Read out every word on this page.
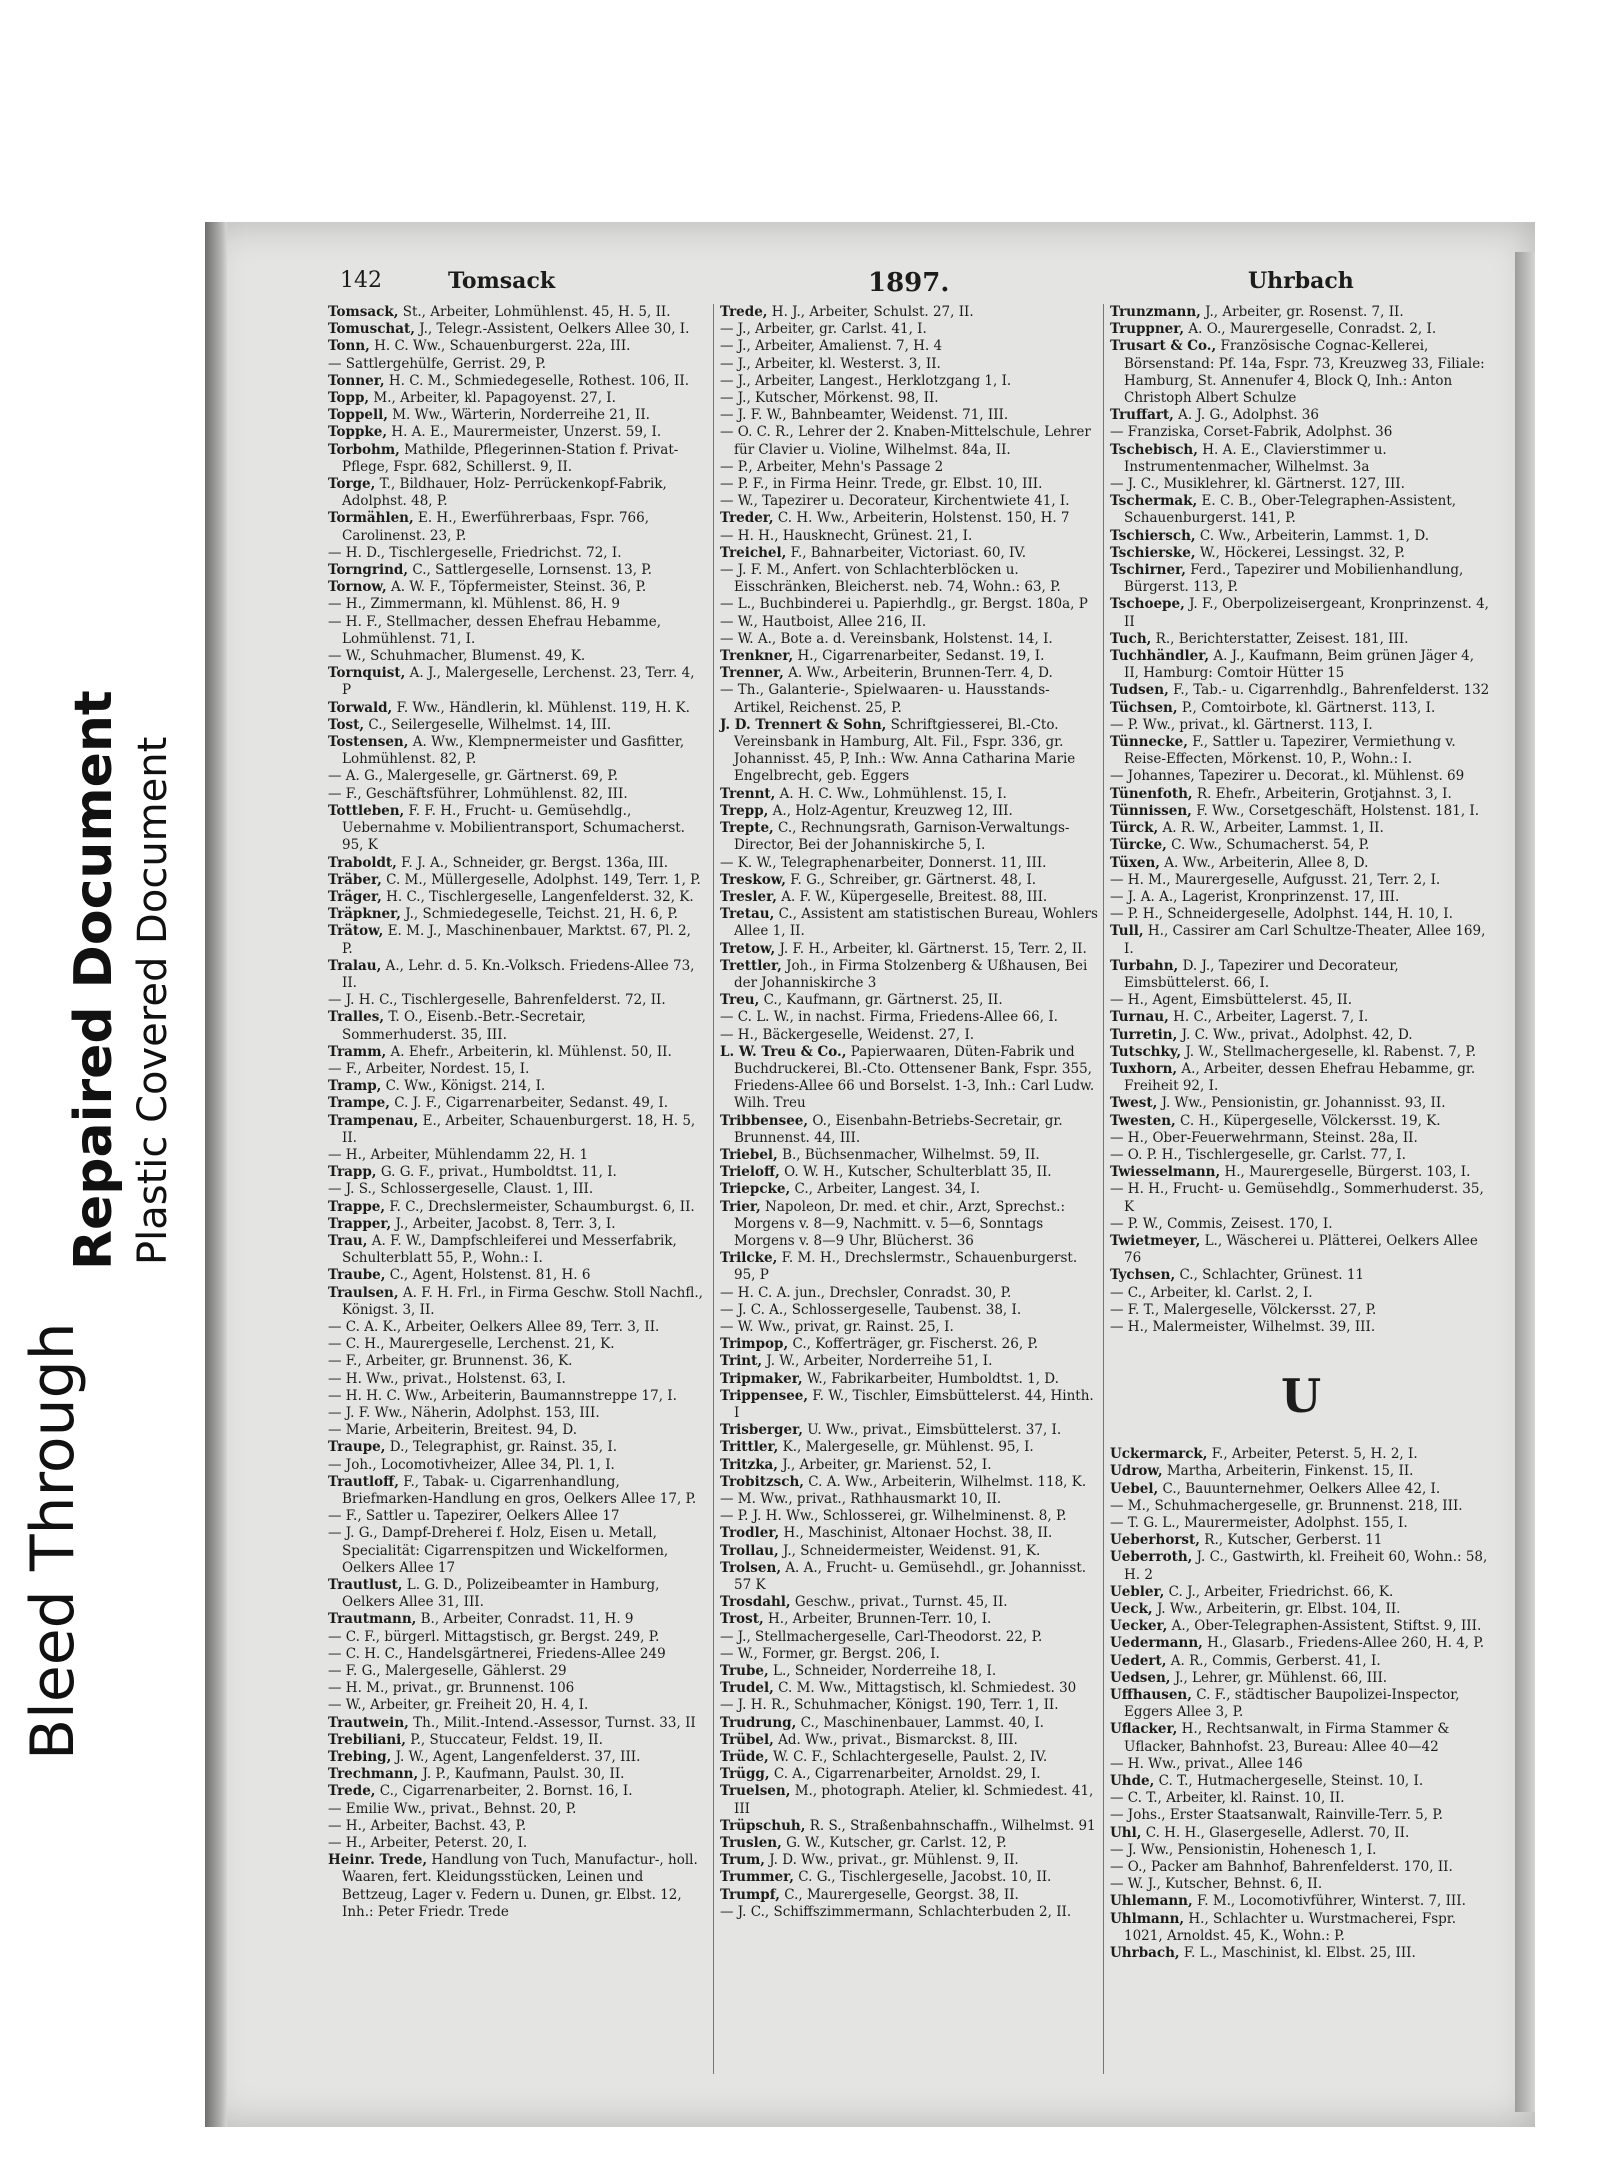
Bleed Through
Repaired Document Plastic Covered Document
142	Tomsack	1897.	Uhrbach

Tomsack, St., Arbeiter, Lohmühlenst. 45, H. 5, II.

Tomuschat, J., Telegr.-Assistent, Oelkers Allee 30, I.

Tonn, H. C. Ww., Schauenburgerst. 22a, III.

— Sattlergehülfe, Gerrist. 29, P.

Tonner, H. C. M., Schmiedegeselle, Rothest. 106, II.

Topp, M., Arbeiter, kl. Papagoyenst. 27, I.

Toppell, M. Ww., Wärterin, Norderreihe 21, II.

Toppke, H. A. E., Maurermeister, Unzerst. 59, I.

Torbohm, Mathilde, Pflegerinnen-Station f. Privat-Pflege, Fspr. 682, Schillerst. 9, II.

Torge, T., Bildhauer, Holz- Perrückenkopf-Fabrik, Adolphst. 48, P.

Tormählen, E. H., Ewerführerbaas, Fspr. 766, Carolinenst. 23, P.

— H. D., Tischlergeselle, Friedrichst. 72, I.

Torngrind, C., Sattlergeselle, Lornsenst. 13, P.

Tornow, A. W. F., Töpfermeister, Steinst. 36, P.

— H., Zimmermann, kl. Mühlenst. 86, H. 9

— H. F., Stellmacher, dessen Ehefrau Hebamme, Lohmühlenst. 71, I.

— W., Schuhmacher, Blumenst. 49, K.

Tornquist, A. J., Malergeselle, Lerchenst. 23, Terr. 4, P

Torwald, F. Ww., Händlerin, kl. Mühlenst. 119, H. K.

Tost, C., Seilergeselle, Wilhelmst. 14, III.

Tostensen, A. Ww., Klempnermeister und Gasfitter, Lohmühlenst. 82, P.

— A. G., Malergeselle, gr. Gärtnerst. 69, P.

— F., Geschäftsführer, Lohmühlenst. 82, III.

Tottleben, F. F. H., Frucht- u. Gemüsehdlg., Uebernahme v. Mobilientransport, Schumacherst. 95, K

Traboldt, F. J. A., Schneider, gr. Bergst. 136a, III.

Träber, C. M., Müllergeselle, Adolphst. 149, Terr. 1, P.

Träger, H. C., Tischlergeselle, Langenfelderst. 32, K.

Träpkner, J., Schmiedegeselle, Teichst. 21, H. 6, P.

Trätow, E. M. J., Maschinenbauer, Marktst. 67, Pl. 2, P.

Tralau, A., Lehr. d. 5. Kn.-Volksch. Friedens-Allee 73, II.

— J. H. C., Tischlergeselle, Bahrenfelderst. 72, II.

Tralles, T. O., Eisenb.-Betr.-Secretair, Sommerhuderst. 35, III.

Tramm, A. Ehefr., Arbeiterin, kl. Mühlenst. 50, II.

— F., Arbeiter, Nordest. 15, I.

Tramp, C. Ww., Königst. 214, I.

Trampe, C. J. F., Cigarrenarbeiter, Sedanst. 49, I.

Trampenau, E., Arbeiter, Schauenburgerst. 18, H. 5, II.

— H., Arbeiter, Mühlendamm 22, H. 1

Trapp, G. G. F., privat., Humboldtst. 11, I.

— J. S., Schlossergeselle, Claust. 1, III.

Trappe, F. C., Drechslermeister, Schaumburgst. 6, II.

Trapper, J., Arbeiter, Jacobst. 8, Terr. 3, I.

Trau, A. F. W., Dampfschleiferei und Messerfabrik, Schulterblatt 55, P., Wohn.: I.

Traube, C., Agent, Holstenst. 81, H. 6

Traulsen, A. F. H. Frl., in Firma Geschw. Stoll Nachfl., Königst. 3, II.

— C. A. K., Arbeiter, Oelkers Allee 89, Terr. 3, II.

— C. H., Maurergeselle, Lerchenst. 21, K.

— F., Arbeiter, gr. Brunnenst. 36, K.

— H. Ww., privat., Holstenst. 63, I.

— H. H. C. Ww., Arbeiterin, Baumannstreppe 17, I.

— J. F. Ww., Näherin, Adolphst. 153, III.

— Marie, Arbeiterin, Breitest. 94, D.

Traupe, D., Telegraphist, gr. Rainst. 35, I.

— Joh., Locomotivheizer, Allee 34, Pl. 1, I.

Trautloff, F., Tabak- u. Cigarrenhandlung, Briefmarken-Handlung en gros, Oelkers Allee 17, P.

— F., Sattler u. Tapezirer, Oelkers Allee 17

— J. G., Dampf-Dreherei f. Holz, Eisen u. Metall, Specialität: Cigarrenspitzen und Wickelformen, Oelkers Allee 17

Trautlust, L. G. D., Polizeibeamter in Hamburg, Oelkers Allee 31, III.

Trautmann, B., Arbeiter, Conradst. 11, H. 9

— C. F., bürgerl. Mittagstisch, gr. Bergst. 249, P.

— C. H. C., Handelsgärtnerei, Friedens-Allee 249

— F. G., Malergeselle, Gählerst. 29

— H. M., privat., gr. Brunnenst. 106

— W., Arbeiter, gr. Freiheit 20, H. 4, I.

Trautwein, Th., Milit.-Intend.-Assessor, Turnst. 33, II

Trebiliani, P., Stuccateur, Feldst. 19, II.

Trebing, J. W., Agent, Langenfelderst. 37, III.

Trechmann, J. P., Kaufmann, Paulst. 30, II.

Trede, C., Cigarrenarbeiter, 2. Bornst. 16, I.

— Emilie Ww., privat., Behnst. 20, P.

— H., Arbeiter, Bachst. 43, P.

— H., Arbeiter, Peterst. 20, I.

Heinr. Trede, Handlung von Tuch, Manufactur-, holl. Waaren, fert. Kleidungsstücken, Leinen und Bettzeug, Lager v. Federn u. Dunen, gr. Elbst. 12, Inh.: Peter Friedr. Trede

Trede, H. J., Arbeiter, Schulst. 27, II.

— J., Arbeiter, gr. Carlst. 41, I.

— J., Arbeiter, Amalienst. 7, H. 4

— J., Arbeiter, kl. Westerst. 3, II.

— J., Arbeiter, Langest., Herklotzgang 1, I.

— J., Kutscher, Mörkenst. 98, II.

— J. F. W., Bahnbeamter, Weidenst. 71, III.

— O. C. R., Lehrer der 2. Knaben-Mittelschule, Lehrer für Clavier u. Violine, Wilhelmst. 84a, II.

— P., Arbeiter, Mehn's Passage 2

— P. F., in Firma Heinr. Trede, gr. Elbst. 10, III.

— W., Tapezirer u. Decorateur, Kirchentwiete 41, I.

Treder, C. H. Ww., Arbeiterin, Holstenst. 150, H. 7

— H. H., Hausknecht, Grünest. 21, I.

Treichel, F., Bahnarbeiter, Victoriast. 60, IV.

— J. F. M., Anfert. von Schlachterblöcken u. Eisschränken, Bleicherst. neb. 74, Wohn.: 63, P.

— L., Buchbinderei u. Papierhdlg., gr. Bergst. 180a, P

— W., Hautboist, Allee 216, II.

— W. A., Bote a. d. Vereinsbank, Holstenst. 14, I.

Trenkner, H., Cigarrenarbeiter, Sedanst. 19, I.

Trenner, A. Ww., Arbeiterin, Brunnen-Terr. 4, D.

— Th., Galanterie-, Spielwaaren- u. Hausstands-Artikel, Reichenst. 25, P.

J. D. Trennert & Sohn, Schriftgiesserei, Bl.-Cto. Vereinsbank in Hamburg, Alt. Fil., Fspr. 336, gr. Johannisst. 45, P, Inh.: Ww. Anna Catharina Marie Engelbrecht, geb. Eggers

Trennt, A. H. C. Ww., Lohmühlenst. 15, I.

Trepp, A., Holz-Agentur, Kreuzweg 12, III.

Trepte, C., Rechnungsrath, Garnison-Verwaltungs-Director, Bei der Johanniskirche 5, I.

— K. W., Telegraphenarbeiter, Donnerst. 11, III.

Treskow, F. G., Schreiber, gr. Gärtnerst. 48, I.

Tresler, A. F. W., Küpergeselle, Breitest. 88, III.

Tretau, C., Assistent am statistischen Bureau, Wohlers Allee 1, II.

Tretow, J. F. H., Arbeiter, kl. Gärtnerst. 15, Terr. 2, II.

Trettler, Joh., in Firma Stolzenberg & Ußhausen, Bei der Johanniskirche 3

Treu, C., Kaufmann, gr. Gärtnerst. 25, II.

— C. L. W., in nachst. Firma, Friedens-Allee 66, I.

— H., Bäckergeselle, Weidenst. 27, I.

L. W. Treu & Co., Papierwaaren, Düten-Fabrik und Buchdruckerei, Bl.-Cto. Ottensener Bank, Fspr. 355, Friedens-Allee 66 und Borselst. 1-3, Inh.: Carl Ludw. Wilh. Treu

Tribbensee, O., Eisenbahn-Betriebs-Secretair, gr. Brunnenst. 44, III.

Triebel, B., Büchsenmacher, Wilhelmst. 59, II.

Trieloff, O. W. H., Kutscher, Schulterblatt 35, II.

Triepcke, C., Arbeiter, Langest. 34, I.

Trier, Napoleon, Dr. med. et chir., Arzt, Sprechst.: Morgens v. 8—9, Nachmitt. v. 5—6, Sonntags Morgens v. 8—9 Uhr, Blücherst. 36

Trilcke, F. M. H., Drechslermstr., Schauenburgerst. 95, P

— H. C. A. jun., Drechsler, Conradst. 30, P.

— J. C. A., Schlossergeselle, Taubenst. 38, I.

— W. Ww., privat, gr. Rainst. 25, I.

Trimpop, C., Kofferträger, gr. Fischerst. 26, P.

Trint, J. W., Arbeiter, Norderreihe 51, I.

Tripmaker, W., Fabrikarbeiter, Humboldtst. 1, D.

Trippensee, F. W., Tischler, Eimsbüttelerst. 44, Hinth. I

Trisberger, U. Ww., privat., Eimsbüttelerst. 37, I.

Trittler, K., Malergeselle, gr. Mühlenst. 95, I.

Tritzka, J., Arbeiter, gr. Marienst. 52, I.

Trobitzsch, C. A. Ww., Arbeiterin, Wilhelmst. 118, K.

— M. Ww., privat., Rathhausmarkt 10, II.

— P. J. H. Ww., Schlosserei, gr. Wilhelminenst. 8, P.

Trodler, H., Maschinist, Altonaer Hochst. 38, II.

Trollau, J., Schneidermeister, Weidenst. 91, K.

Trolsen, A. A., Frucht- u. Gemüsehdl., gr. Johannisst. 57 K

Trosdahl, Geschw., privat., Turnst. 45, II.

Trost, H., Arbeiter, Brunnen-Terr. 10, I.

— J., Stellmachergeselle, Carl-Theodorst. 22, P.

— W., Former, gr. Bergst. 206, I.

Trube, L., Schneider, Norderreihe 18, I.

Trudel, C. M. Ww., Mittagstisch, kl. Schmiedest. 30

— J. H. R., Schuhmacher, Königst. 190, Terr. 1, II.

Trudrung, C., Maschinenbauer, Lammst. 40, I.

Trübel, Ad. Ww., privat., Bismarckst. 8, III.

Trüde, W. C. F., Schlachtergeselle, Paulst. 2, IV.

Trügg, C. A., Cigarrenarbeiter, Arnoldst. 29, I.

Truelsen, M., photograph. Atelier, kl. Schmiedest. 41, III

Trüpschuh, R. S., Straßenbahnschaffn., Wilhelmst. 91

Truslen, G. W., Kutscher, gr. Carlst. 12, P.

Trum, J. D. Ww., privat., gr. Mühlenst. 9, II.

Trummer, C. G., Tischlergeselle, Jacobst. 10, II.

Trumpf, C., Maurergeselle, Georgst. 38, II.

— J. C., Schiffszimmermann, Schlachterbuden 2, II.

Trunzmann, J., Arbeiter, gr. Rosenst. 7, II.

Truppner, A. O., Maurergeselle, Conradst. 2, I.

Trusart & Co., Französische Cognac-Kellerei, Börsenstand: Pf. 14a, Fspr. 73, Kreuzweg 33, Filiale: Hamburg, St. Annenufer 4, Block Q, Inh.: Anton Christoph Albert Schulze

Truffart, A. J. G., Adolphst. 36

— Franziska, Corset-Fabrik, Adolphst. 36

Tschebisch, H. A. E., Clavierstimmer u. Instrumentenmacher, Wilhelmst. 3a

— J. C., Musiklehrer, kl. Gärtnerst. 127, III.

Tschermak, E. C. B., Ober-Telegraphen-Assistent, Schauenburgerst. 141, P.

Tschiersch, C. Ww., Arbeiterin, Lammst. 1, D.

Tschierske, W., Höckerei, Lessingst. 32, P.

Tschirner, Ferd., Tapezirer und Mobilienhandlung, Bürgerst. 113, P.

Tschoepe, J. F., Oberpolizeisergeant, Kronprinzenst. 4, II

Tuch, R., Berichterstatter, Zeisest. 181, III.

Tuchhändler, A. J., Kaufmann, Beim grünen Jäger 4, II, Hamburg: Comtoir Hütter 15

Tudsen, F., Tab.- u. Cigarrenhdlg., Bahrenfelderst. 132

Tüchsen, P., Comtoirbote, kl. Gärtnerst. 113, I.

— P. Ww., privat., kl. Gärtnerst. 113, I.

Tünnecke, F., Sattler u. Tapezirer, Vermiethung v. Reise-Effecten, Mörkenst. 10, P., Wohn.: I.

— Johannes, Tapezirer u. Decorat., kl. Mühlenst. 69

Tünenfoth, R. Ehefr., Arbeiterin, Grotjahnst. 3, I.

Tünnissen, F. Ww., Corsetgeschäft, Holstenst. 181, I.

Türck, A. R. W., Arbeiter, Lammst. 1, II.

Türcke, C. Ww., Schumacherst. 54, P.

Tüxen, A. Ww., Arbeiterin, Allee 8, D.

— H. M., Maurergeselle, Aufgusst. 21, Terr. 2, I.

— J. A. A., Lagerist, Kronprinzenst. 17, III.

— P. H., Schneidergeselle, Adolphst. 144, H. 10, I.

Tull, H., Cassirer am Carl Schultze-Theater, Allee 169, I.

Turbahn, D. J., Tapezirer und Decorateur, Eimsbüttelerst. 66, I.

— H., Agent, Eimsbüttelerst. 45, II.

Turnau, H. C., Arbeiter, Lagerst. 7, I.

Turretin, J. C. Ww., privat., Adolphst. 42, D.

Tutschky, J. W., Stellmachergeselle, kl. Rabenst. 7, P.

Tuxhorn, A., Arbeiter, dessen Ehefrau Hebamme, gr. Freiheit 92, I.

Twest, J. Ww., Pensionistin, gr. Johannisst. 93, II.

Twesten, C. H., Küpergeselle, Völckersst. 19, K.

— H., Ober-Feuerwehrmann, Steinst. 28a, II.

— O. P. H., Tischlergeselle, gr. Carlst. 77, I.

Twiesselmann, H., Maurergeselle, Bürgerst. 103, I.

— H. H., Frucht- u. Gemüsehdlg., Sommerhuderst. 35, K

— P. W., Commis, Zeisest. 170, I.

Twietmeyer, L., Wäscherei u. Plätterei, Oelkers Allee 76

Tychsen, C., Schlachter, Grünest. 11

— C., Arbeiter, kl. Carlst. 2, I.

— F. T., Malergeselle, Völckersst. 27, P.

— H., Malermeister, Wilhelmst. 39, III.

U

Uckermarck, F., Arbeiter, Peterst. 5, H. 2, I.

Udrow, Martha, Arbeiterin, Finkenst. 15, II.

Uebel, C., Bauunternehmer, Oelkers Allee 42, I.

— M., Schuhmachergeselle, gr. Brunnenst. 218, III.

— T. G. L., Maurermeister, Adolphst. 155, I.

Ueberhorst, R., Kutscher, Gerberst. 11

Ueberroth, J. C., Gastwirth, kl. Freiheit 60, Wohn.: 58, H. 2

Uebler, C. J., Arbeiter, Friedrichst. 66, K.

Ueck, J. Ww., Arbeiterin, gr. Elbst. 104, II.

Uecker, A., Ober-Telegraphen-Assistent, Stiftst. 9, III.

Uedermann, H., Glasarb., Friedens-Allee 260, H. 4, P.

Uedert, A. R., Commis, Gerberst. 41, I.

Uedsen, J., Lehrer, gr. Mühlenst. 66, III.

Uffhausen, C. F., städtischer Baupolizei-Inspector, Eggers Allee 3, P.

Uflacker, H., Rechtsanwalt, in Firma Stammer & Uflacker, Bahnhofst. 23, Bureau: Allee 40—42

— H. Ww., privat., Allee 146

Uhde, C. T., Hutmachergeselle, Steinst. 10, I.

— C. T., Arbeiter, kl. Rainst. 10, II.

— Johs., Erster Staatsanwalt, Rainville-Terr. 5, P.

Uhl, C. H. H., Glasergeselle, Adlerst. 70, II.

— J. Ww., Pensionistin, Hohenesch 1, I.

— O., Packer am Bahnhof, Bahrenfelderst. 170, II.

— W. J., Kutscher, Behnst. 6, II.

Uhlemann, F. M., Locomotivführer, Winterst. 7, III.

Uhlmann, H., Schlachter u. Wurstmacherei, Fspr. 1021, Arnoldst. 45, K., Wohn.: P.

Uhrbach, F. L., Maschinist, kl. Elbst. 25, III.
